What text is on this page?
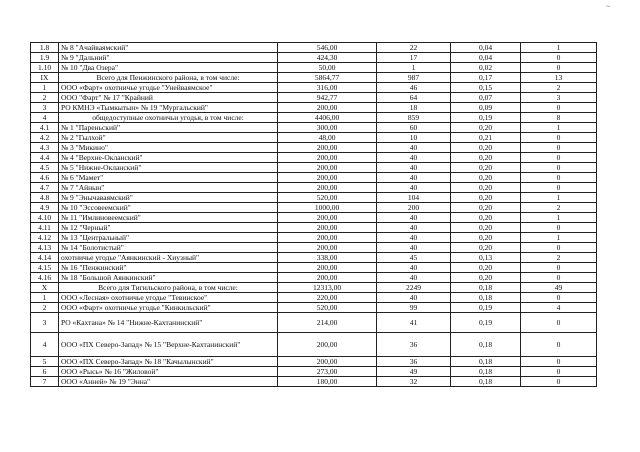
~
1.8	№ 8 "Ачайваямский"	546,00	22	0,04	1
1.9	№ 9 "Дальний"	424,30	17	0,04	0
1.10	№ 10 "Два Озера"	50,00	1	0,02	0
IX	Всего для Пенжинского района, в том числе:	5864,77	987	0,17	13
1	ООО «Фарт» охотничье угодье "Унейваямское"	316,00	46	0,15	2
2	ООО "Фарт" № 17 "Крайний	942,77	64	0,07	3
3	РО КМНЭ «Тымкытын» № 19 "Мургальский"	200,00	18	0,09	0
4	общедоступные охотничьи угодья, в том числе:	4406,00	859	0,19	8
4.1	№ 1 "Пареньский"	300,00	60	0,20	1
4.2	№ 2 "Гылхой"	48,00	10	0,21	0
4.3	№ 3 "Микино"	200,00	40	0,20	0
4.4	№ 4 "Верхне-Окланский"	200,00	40	0,20	0
4.5	№ 5 "Нижне-Окланский"	200,00	40	0,20	0
4.6	№ 6 "Мамет"	200,00	40	0,20	0
4.7	№ 7 "Айнын"	200,00	40	0,20	0
4.8	№ 9 "Энычаваямский"	520,00	104	0,20	1
4.9	№ 10 "Эссовеемский"	1000,00	200	0,20	2
4.10	№ 11 "Имлиновеемский"	200,00	40	0,20	1
4.11	№ 12 "Черный"	200,00	40	0,20	0
4.12	№ 13 "Центральный"	200,00	40	0,20	1
4.13	№ 14 "Болотистый"	200,00	40	0,20	0
4.14	охотничье угодье "Аянкинский - Хиузный"	338,00	45	0,13	2
4.15	№ 16 "Пенжинский"	200,00	40	0,20	0
4.16	№ 18 "Большой Аянкинский"	200,00	40	0,20	0
X	Всего для Тигильского района, в том числе:	12313,00	2249	0,18	49
1	ООО «Лесная» охотничье угодье "Тевинское"	220,00	40	0,18	0
2	ООО «Фарт» охотничье угодье "Кинкильский"	520,00	99	0,19	4
3	РО «Кахтана» № 14 "Нижне-Кахтанинский"	214,00	41	0,19	0
4	ООО «ПХ Северо-Запад» № 15 "Верхне-Кахтанинский"	200,00	36	0,18	0
5	ООО «ПХ Северо-Запад» № 18 "Качылынский"	200,00	36	0,18	0
6	ООО «Рысь» № 16 "Жиловой"	273,00	49	0,18	0
7	ООО «Анней» № 19 "Энна"	180,00	32	0,18	0
